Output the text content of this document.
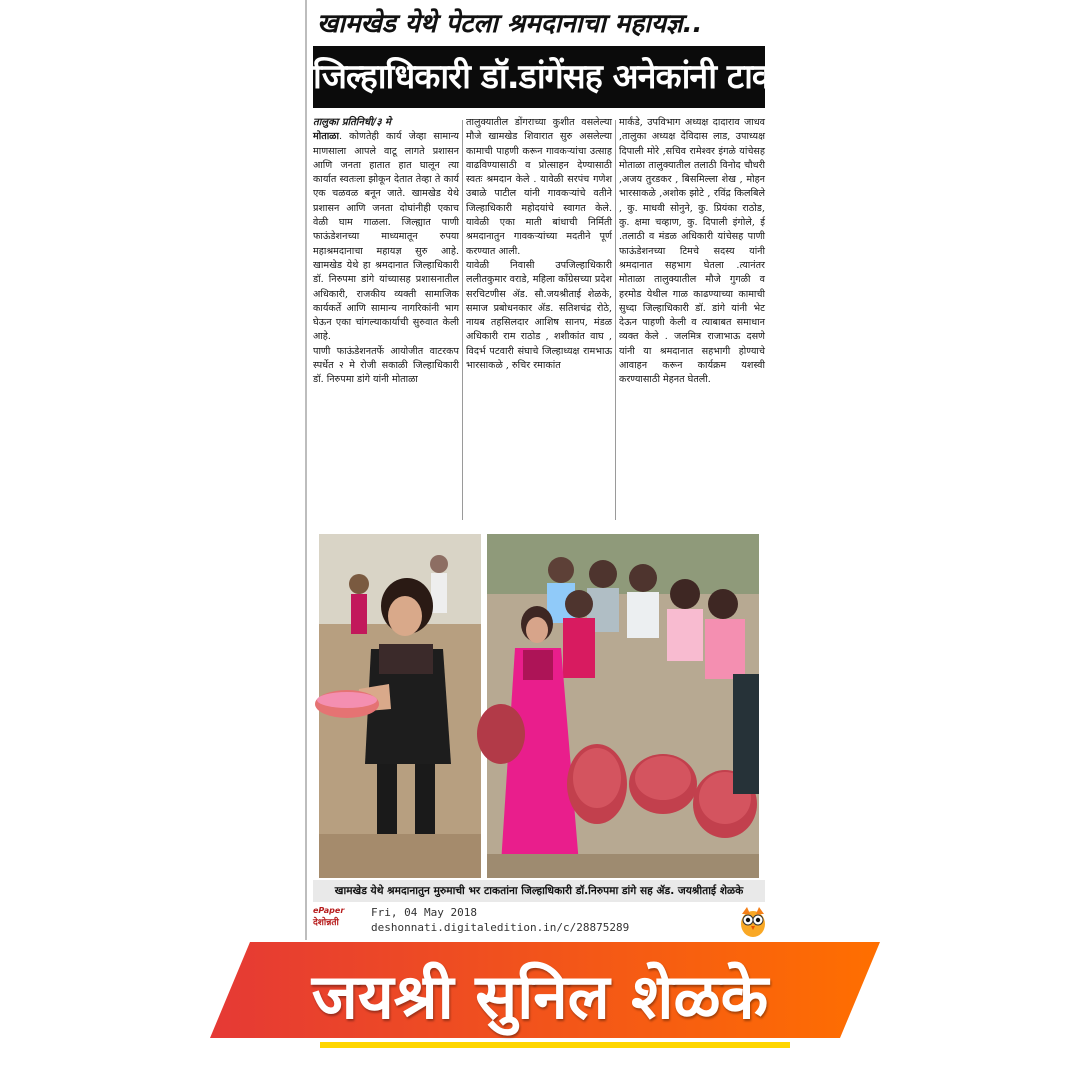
खामखेड येथे पेटला श्रमदानाचा महायज्ञ..
जिल्हाधिकारी डॉ.डांगेंसह अनेकांनी टाकल्या श्रमदानाच्या समीधा

तालुका प्रतिनिधी/३ मे

मोताळा. कोणतेही कार्य जेव्हा सामान्य माणसाला आपले वाटू लागते प्रशासन आणि जनता हातात हात घालून त्या कार्यात स्वतःला झोकून देतात तेव्हा ते कार्य एक चळवळ बनून जाते. खामखेड येथे प्रशासन आणि जनता दोघांनीही एकाच वेळी घाम गाळला. जिल्ह्यात पाणी फाऊंडेशनच्या माध्यमातून रुपया महाश्रमदानाचा महायज्ञ सुरु आहे. खामखेड येथे हा श्रमदानात जिल्हाधिकारी डॉ. निरुपमा डांगे यांच्यासह प्रशासनातील अधिकारी, राजकीय व्यक्ती सामाजिक कार्यकर्ते आणि सामान्य नागरिकांनी भाग घेऊन एका चांगल्याकार्याची सुरुवात केली आहे.

पाणी फाऊंडेशनतर्फे आयोजीत वाटरकप स्पर्धेत २ मे रोजी सकाळी जिल्हाधिकारी डॉ. निरुपमा डांगे यांनी मोताळा

तालुक्यातील डोंगराच्या कुशीत वसलेल्या मौजे खामखेड शिवारात सुरु असलेल्या कामाची पाहणी करून गावकऱ्यांचा उत्साह वाढविण्यासाठी व प्रोत्साहन देण्यासाठी स्वतः श्रमदान केले . यावेळी सरपंच गणेश उबाळे पाटील यांनी गावकऱ्यांचे वतीने जिल्हाधिकारी महोदयांचे स्वागत केले. यावेळी एका माती बांधाची निर्मिती श्रमदानातुन गावकऱ्यांच्या मदतीने पूर्ण करण्यात आली.

यावेळी निवासी उपजिल्हाधिकारी ललीतकुमार वराडे, महिला काँग्रेसच्या प्रदेश सरचिटणीस ॲड. सौ.जयश्रीताई शेळके, समाज प्रबोधनकार ॲड. सतिशचंद्र रोठे, नायब तहसिलदार आशिष सानप, मंडळ अधिकारी राम राठोड , शशीकांत वाघ , विदर्भ पटवारी संघाचे जिल्हाध्यक्ष रामभाऊ भारसाकळे , रुचिर रमाकांत

मार्कंडे, उपविभाग अध्यक्ष दादाराव जाधव ,तालुका अध्यक्ष देविदास लाड, उपाध्यक्ष दिपाली मोरे ,सचिव रामेश्वर इंगळे यांचेसह मोताळा तालुक्यातील तलाठी विनोद चौधरी ,अजय तुरडकर , बिसमिल्ला शेख , मोहन भारसाकळे ,अशोक झोटे , रविंद्र किलबिले , कु. माधवी सोनुने, कु. प्रियंका राठोड, कु. क्षमा चव्हाण, कु. दिपाली इंगोले, ई .तलाठी व मंडळ अधिकारी यांचेसह पाणी फाऊंडेशनच्या टिमचे सदस्य यांनी श्रमदानात सहभाग घेतला .त्यानंतर मोताळा तालुक्यातील मौजे गुगळी व हरमोड येथील गाळ काढण्याच्या कामाची सुध्दा जिल्हाधिकारी डॉ. डांगे यांनी भेट देऊन पाहणी केली व त्याबाबत समाधान व्यक्त केले . जलमित्र राजाभाऊ दसणे यांनी या श्रमदानात सहभागी होण्याचे आवाहन करून कार्यक्रम यशस्वी करण्यासाठी मेहनत घेतली.

खामखेड येथे श्रमदानातुन मुरुमाची भर टाकतांना जिल्हाधिकारी डॉ.निरुपमा डांगे सह ॲड. जयश्रीताई शेळके
ePaper
देशोन्नती
Fri, 04 May 2018
deshonnati.digitaledition.in/c/28875289
जयश्री सुनिल शेळके
